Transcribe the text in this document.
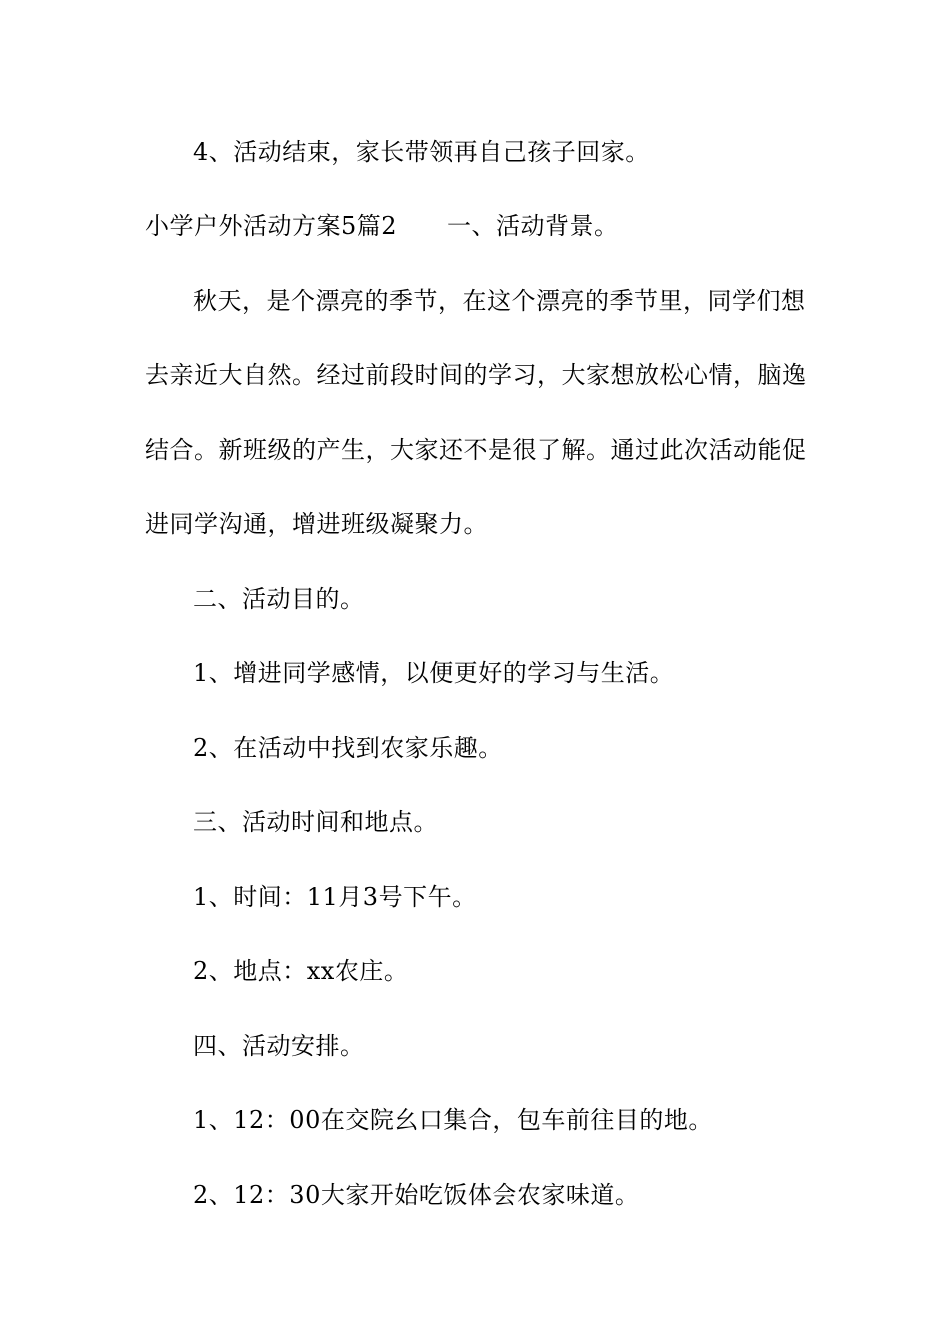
4、活动结束，家长带领再自己孩子回家。
小学户外活动方案5篇2 一、活动背景。
秋天，是个漂亮的季节，在这个漂亮的季节里，同学们想
去亲近大自然。经过前段时间的学习，大家想放松心情，脑逸
结合。新班级的产生，大家还不是很了解。通过此次活动能促
进同学沟通，增进班级凝聚力。
二、活动目的。
1、增进同学感情，以便更好的学习与生活。
2、在活动中找到农家乐趣。
三、活动时间和地点。
1、时间：11月3号下午。
2、地点：xx农庄。
四、活动安排。
1、12：00在交院幺口集合，包车前往目的地。
2、12：30大家开始吃饭体会农家味道。
